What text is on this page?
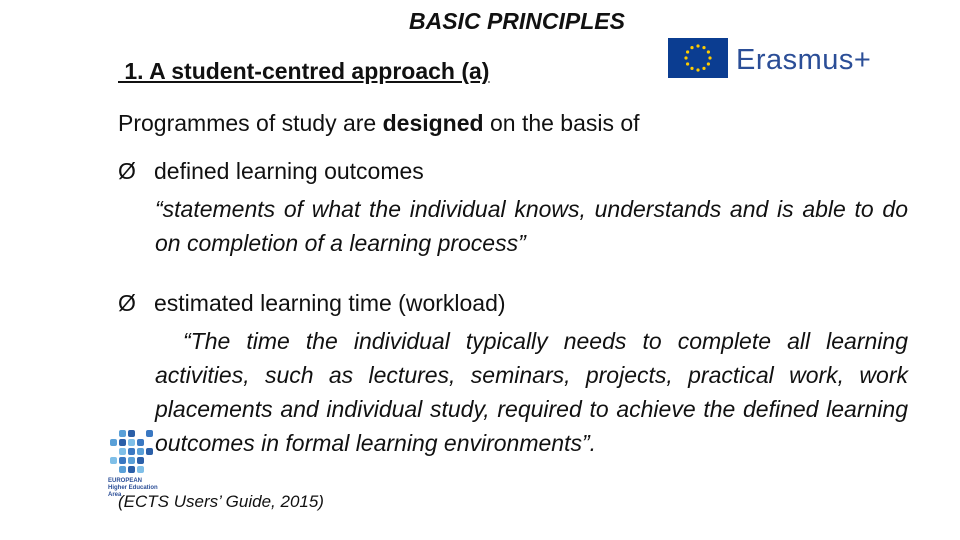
BASIC PRINCIPLES
1. A student-centred approach (a)	Erasmus+
Programmes of study are designed on the basis of
Ø defined learning outcomes
“statements of what the individual knows, understands and is able to do on completion of a learning process”
Ø estimated learning time (workload)
“The time the individual typically needs to complete all learning activities, such as lectures, seminars, projects, practical work, work placements and individual study, required to achieve the defined learning outcomes in formal learning environments”.
EUROPEAN
Higher Education Area
(ECTS Users’ Guide, 2015)
